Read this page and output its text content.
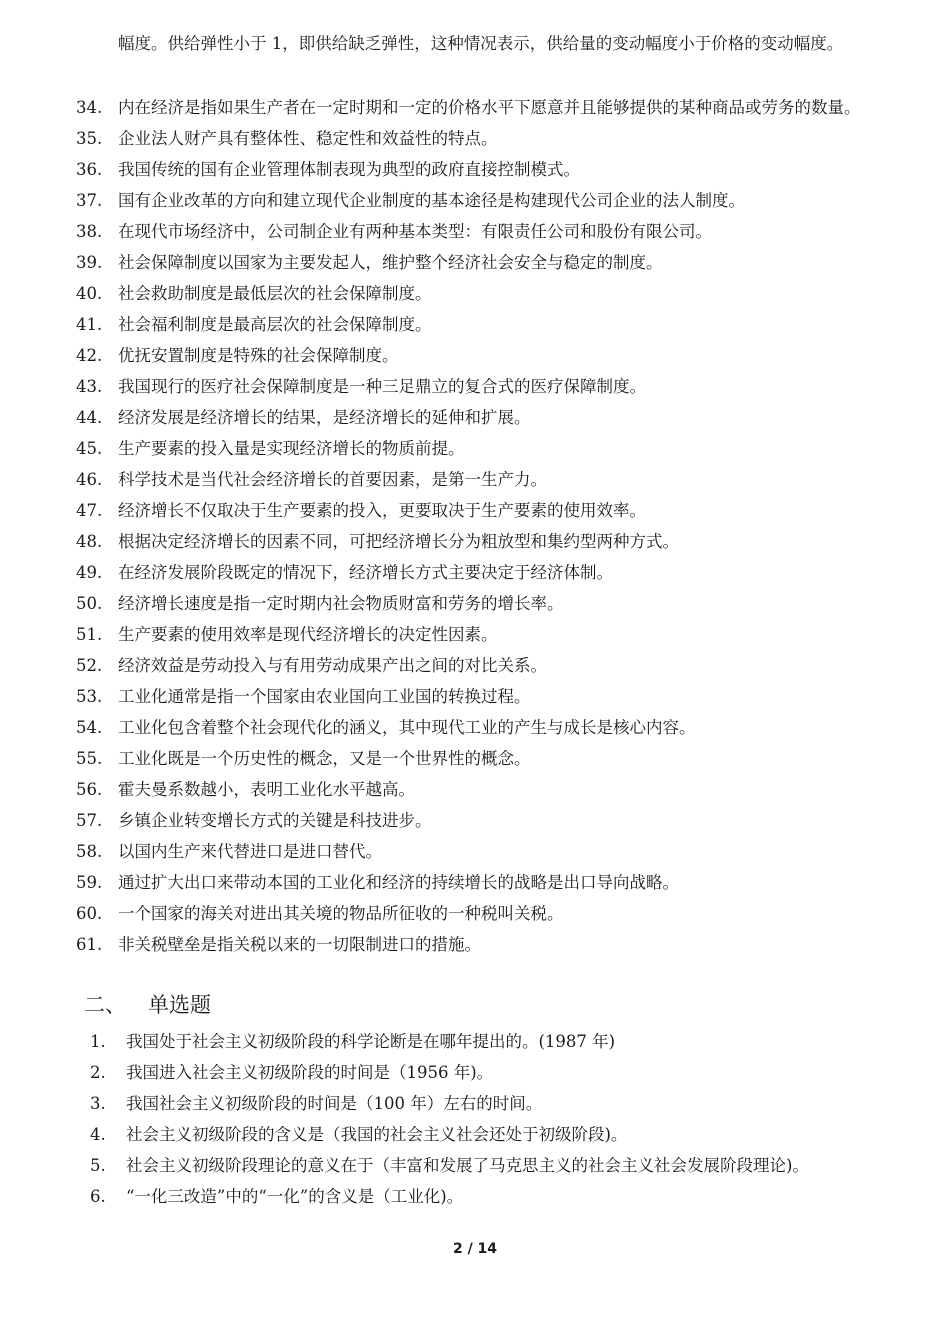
幅度。供给弹性小于 1，即供给缺乏弹性，这种情况表示，供给量的变动幅度小于价格的变动幅度。

34. 内在经济是指如果生产者在一定时期和一定的价格水平下愿意并且能够提供的某种商品或劳务的数量。
35. 企业法人财产具有整体性、稳定性和效益性的特点。
36. 我国传统的国有企业管理体制表现为典型的政府直接控制模式。
37. 国有企业改革的方向和建立现代企业制度的基本途径是构建现代公司企业的法人制度。
38. 在现代市场经济中，公司制企业有两种基本类型：有限责任公司和股份有限公司。
39. 社会保障制度以国家为主要发起人，维护整个经济社会安全与稳定的制度。
40. 社会救助制度是最低层次的社会保障制度。
41. 社会福利制度是最高层次的社会保障制度。
42. 优抚安置制度是特殊的社会保障制度。
43. 我国现行的医疗社会保障制度是一种三足鼎立的复合式的医疗保障制度。
44. 经济发展是经济增长的结果，是经济增长的延伸和扩展。
45. 生产要素的投入量是实现经济增长的物质前提。
46. 科学技术是当代社会经济增长的首要因素，是第一生产力。
47. 经济增长不仅取决于生产要素的投入，更要取决于生产要素的使用效率。
48. 根据决定经济增长的因素不同，可把经济增长分为粗放型和集约型两种方式。
49. 在经济发展阶段既定的情况下，经济增长方式主要决定于经济体制。
50. 经济增长速度是指一定时期内社会物质财富和劳务的增长率。
51. 生产要素的使用效率是现代经济增长的决定性因素。
52. 经济效益是劳动投入与有用劳动成果产出之间的对比关系。
53. 工业化通常是指一个国家由农业国向工业国的转换过程。
54. 工业化包含着整个社会现代化的涵义，其中现代工业的产生与成长是核心内容。
55. 工业化既是一个历史性的概念，又是一个世界性的概念。
56. 霍夫曼系数越小，表明工业化水平越高。
57. 乡镇企业转变增长方式的关键是科技进步。
58. 以国内生产来代替进口是进口替代。
59. 通过扩大出口来带动本国的工业化和经济的持续增长的战略是出口导向战略。
60. 一个国家的海关对进出其关境的物品所征收的一种税叫关税。
61. 非关税壁垒是指关税以来的一切限制进口的措施。
二、 单选题
1.	我国处于社会主义初级阶段的科学论断是在哪年提出的。(1987 年)
2.	我国进入社会主义初级阶段的时间是（1956 年)。
3.	我国社会主义初级阶段的时间是（100 年）左右的时间。
4.	社会主义初级阶段的含义是（我国的社会主义社会还处于初级阶段)。
5.	社会主义初级阶段理论的意义在于（丰富和发展了马克思主义的社会主义社会发展阶段理论)。
6.	“一化三改造”中的“一化”的含义是（工业化)。
2 / 14
